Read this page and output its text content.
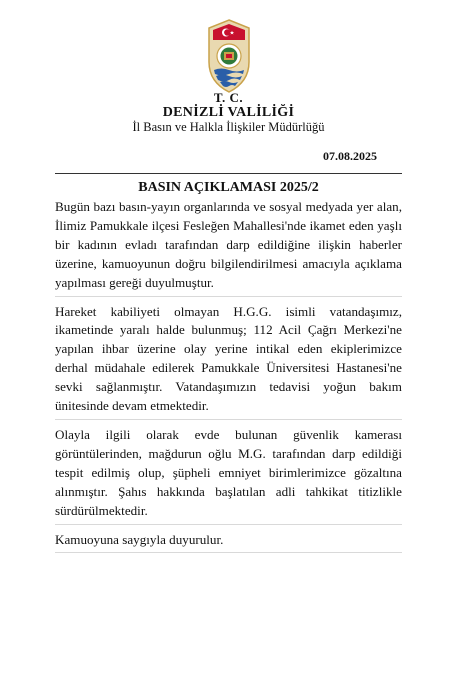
T. C.
DENİZLİ VALİLİĞİ
İl Basın ve Halkla İlişkiler Müdürlüğü
07.08.2025
BASIN AÇIKLAMASI 2025/2

Bugün bazı basın-yayın organlarında ve sosyal medyada yer alan, İlimiz Pamukkale ilçesi Fesleğen Mahallesi'nde ikamet eden yaşlı bir kadının evladı tarafından darp edildiğine ilişkin haberler üzerine, kamuoyunun doğru bilgilendirilmesi amacıyla açıklama yapılması gereği duyulmuştur.

Hareket kabiliyeti olmayan H.G.G. isimli vatandaşımız, ikametinde yaralı halde bulunmuş; 112 Acil Çağrı Merkezi'ne yapılan ihbar üzerine olay yerine intikal eden ekiplerimizce derhal müdahale edilerek Pamukkale Üniversitesi Hastanesi'ne sevki sağlanmıştır. Vatandaşımızın tedavisi yoğun bakım ünitesinde devam etmektedir.

Olayla ilgili olarak evde bulunan güvenlik kamerası görüntülerinden, mağdurun oğlu M.G. tarafından darp edildiği tespit edilmiş olup, şüpheli emniyet birimlerimizce gözaltına alınmıştır. Şahıs hakkında başlatılan adli tahkikat titizlikle sürdürülmektedir.

Kamuoyuna saygıyla duyurulur.
